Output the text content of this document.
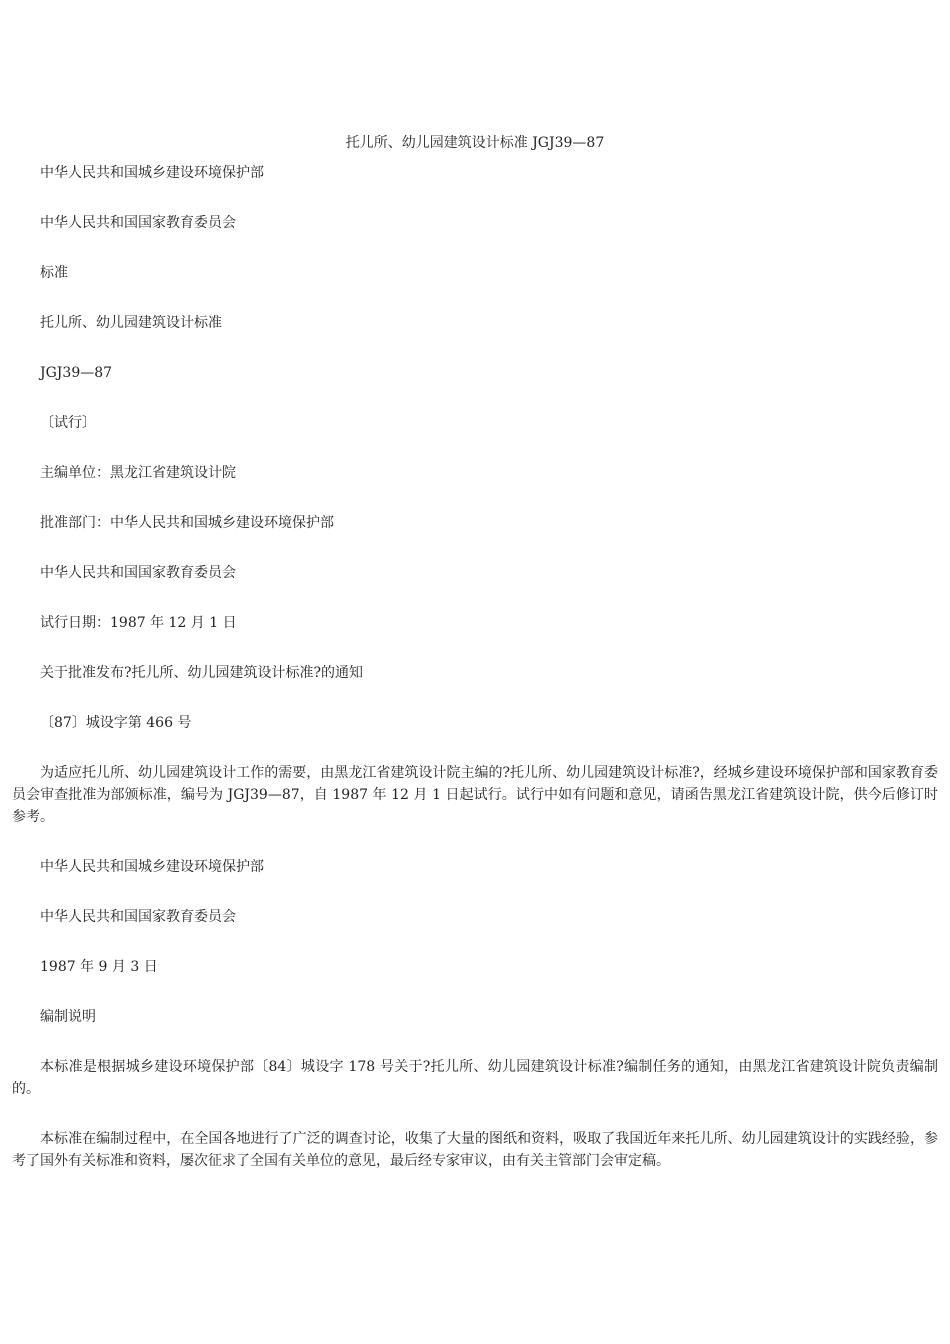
托儿所、幼儿园建筑设计标准 JGJ39—87

中华人民共和国城乡建设环境保护部

中华人民共和国国家教育委员会

标准

托儿所、幼儿园建筑设计标准

JGJ39—87

〔试行〕

主编单位：黑龙江省建筑设计院

批准部门：中华人民共和国城乡建设环境保护部

中华人民共和国国家教育委员会

试行日期：1987 年 12 月 1 日

关于批准发布?托儿所、幼儿园建筑设计标准?的通知

〔87〕城设字第 466 号

为适应托儿所、幼儿园建筑设计工作的需要，由黑龙江省建筑设计院主编的?托儿所、幼儿园建筑设计标准?，经城乡建设环境保护部和国家教育委员会审查批准为部颁标准，编号为 JGJ39—87，自 1987 年 12 月 1 日起试行。试行中如有问题和意见，请函告黑龙江省建筑设计院，供今后修订时参考。

中华人民共和国城乡建设环境保护部

中华人民共和国国家教育委员会

1987 年 9 月 3 日

编制说明

本标准是根据城乡建设环境保护部〔84〕城设字 178 号关于?托儿所、幼儿园建筑设计标准?编制任务的通知，由黑龙江省建筑设计院负责编制的。

本标准在编制过程中，在全国各地进行了广泛的调查讨论，收集了大量的图纸和资料，吸取了我国近年来托儿所、幼儿园建筑设计的实践经验，参考了国外有关标准和资料，屡次征求了全国有关单位的意见，最后经专家审议，由有关主管部门会审定稿。
